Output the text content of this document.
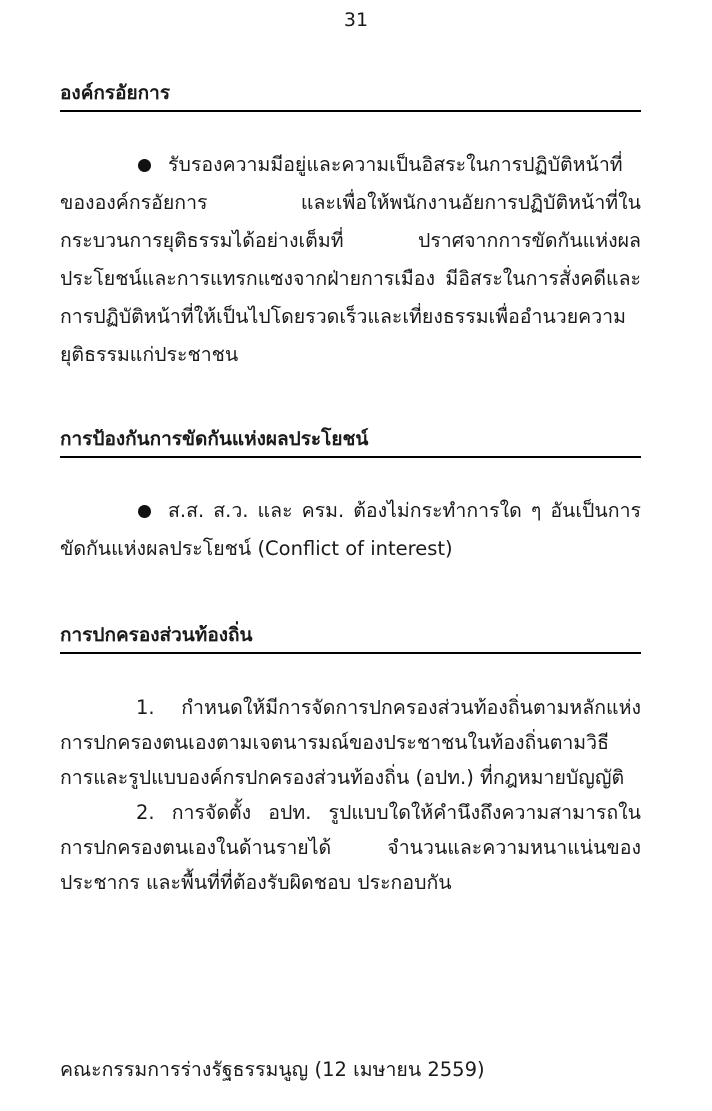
31
องค์กรอัยการ
รับรองความมีอยู่และความเป็นอิสระในการปฏิบัติหน้าที่ขององค์กรอัยการ และเพื่อให้พนักงานอัยการปฏิบัติหน้าที่ในกระบวนการยุติธรรมได้อย่างเต็มที่ ปราศจากการขัดกันแห่งผลประโยชน์และการแทรกแซงจากฝ่ายการเมือง มีอิสระในการสั่งคดีและการปฏิบัติหน้าที่ให้เป็นไปโดยรวดเร็วและเที่ยงธรรมเพื่ออำนวยความยุติธรรมแก่ประชาชน
การป้องกันการขัดกันแห่งผลประโยชน์
ส.ส. ส.ว. และ ครม. ต้องไม่กระทำการใด ๆ อันเป็นการขัดกันแห่งผลประโยชน์ (Conflict of interest)
การปกครองส่วนท้องถิ่น
1. กำหนดให้มีการจัดการปกครองส่วนท้องถิ่นตามหลักแห่งการปกครองตนเองตามเจตนารมณ์ของประชาชนในท้องถิ่นตามวิธีการและรูปแบบองค์กรปกครองส่วนท้องถิ่น (อปท.) ที่กฎหมายบัญญัติ
2. การจัดตั้ง อปท. รูปแบบใดให้คำนึงถึงความสามารถในการปกครองตนเองในด้านรายได้ จำนวนและความหนาแน่นของประชากร และพื้นที่ที่ต้องรับผิดชอบ ประกอบกัน
คณะกรรมการร่างรัฐธรรมนูญ (12 เมษายน 2559)
